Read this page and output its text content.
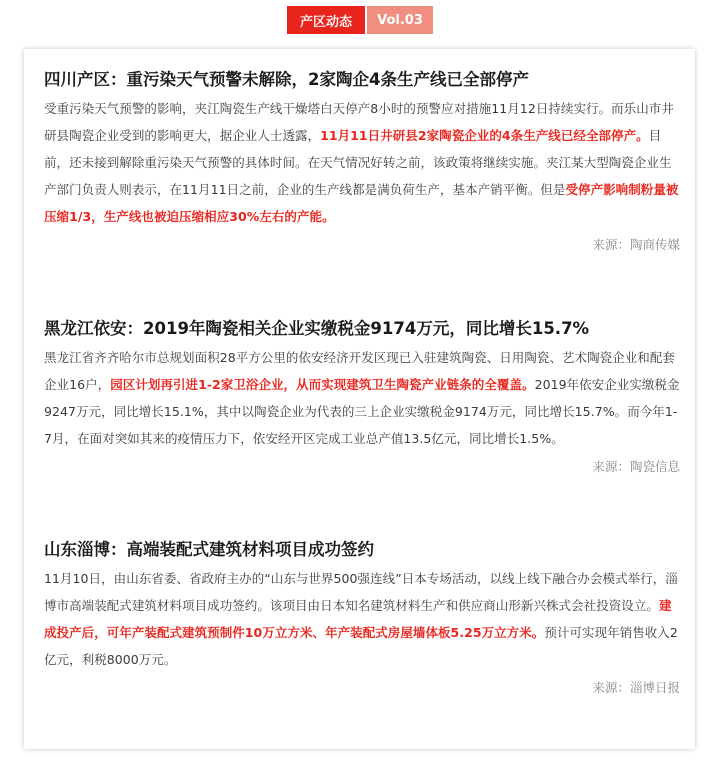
产区动态	Vol.03
四川产区：重污染天气预警未解除，2家陶企4条生产线已全部停产

受重污染天气预警的影响，夹江陶瓷生产线干燥塔白天停产8小时的预警应对措施11月12日持续实行。而乐山市井研县陶瓷企业受到的影响更大，据企业人士透露，11月11日井研县2家陶瓷企业的4条生产线已经全部停产。目前，还未接到解除重污染天气预警的具体时间。在天气情况好转之前，该政策将继续实施。夹江某大型陶瓷企业生产部门负责人则表示，在11月11日之前，企业的生产线都是满负荷生产，基本产销平衡。但是受停产影响制粉量被压缩1/3，生产线也被迫压缩相应30%左右的产能。

来源：陶商传媒
黑龙江依安：2019年陶瓷相关企业实缴税金9174万元，同比增长15.7%

黑龙江省齐齐哈尔市总规划面积28平方公里的依安经济开发区现已入驻建筑陶瓷、日用陶瓷、艺术陶瓷企业和配套企业16户，园区计划再引进1-2家卫浴企业，从而实现建筑卫生陶瓷产业链条的全覆盖。2019年依安企业实缴税金9247万元，同比增长15.1%，其中以陶瓷企业为代表的三上企业实缴税金9174万元，同比增长15.7%。而今年1-7月，在面对突如其来的疫情压力下，依安经开区完成工业总产值13.5亿元，同比增长1.5%。

来源：陶瓷信息
山东淄博：高端装配式建筑材料项目成功签约

11月10日，由山东省委、省政府主办的“山东与世界500强连线”日本专场活动，以线上线下融合办会模式举行，淄博市高端装配式建筑材料项目成功签约。该项目由日本知名建筑材料生产和供应商山形新兴株式会社投资设立。建成投产后，可年产装配式建筑预制件10万立方米、年产装配式房屋墙体板5.25万立方米。预计可实现年销售收入2亿元，利税8000万元。

来源：淄博日报
